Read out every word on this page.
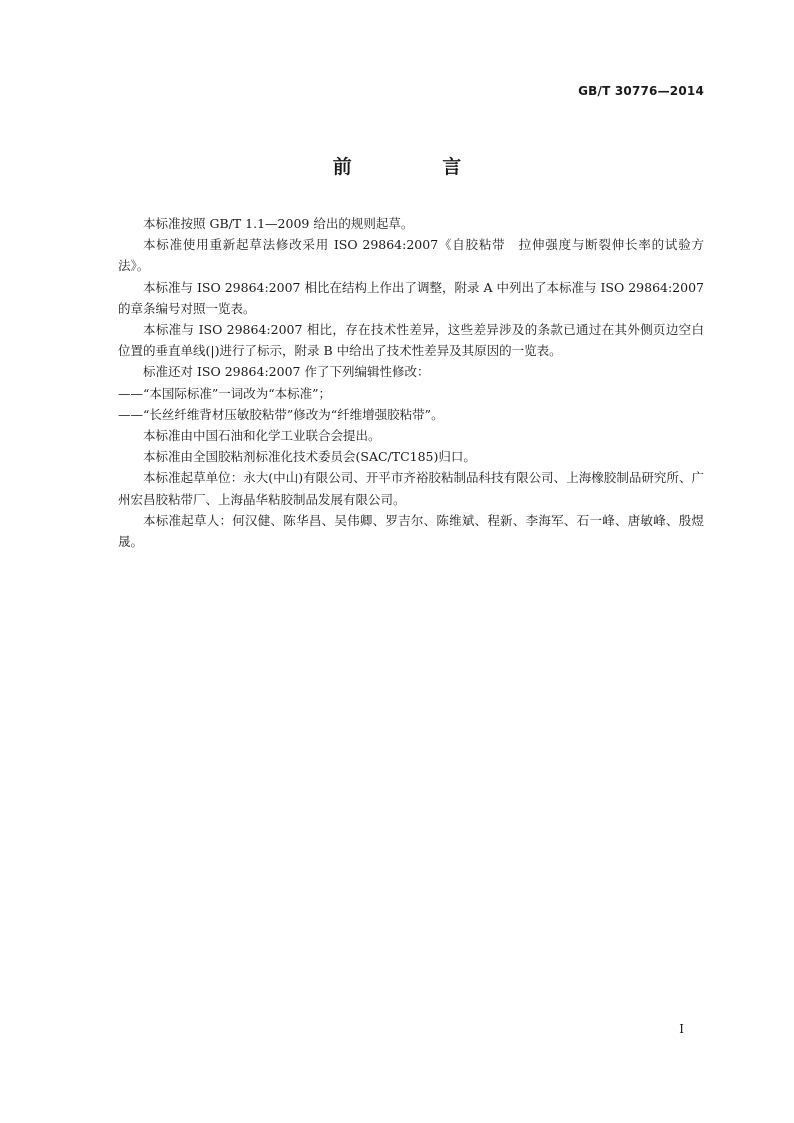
GB/T 30776—2014
前 言

本标准按照 GB/T 1.1—2009 给出的规则起草。

本标准使用重新起草法修改采用 ISO 29864:2007《自胶粘带　拉伸强度与断裂伸长率的试验方法》。

本标准与 ISO 29864:2007 相比在结构上作出了调整，附录 A 中列出了本标准与 ISO 29864:2007 的章条编号对照一览表。

本标准与 ISO 29864:2007 相比，存在技术性差异，这些差异涉及的条款已通过在其外侧页边空白位置的垂直单线(|)进行了标示，附录 B 中给出了技术性差异及其原因的一览表。

标准还对 ISO 29864:2007 作了下列编辑性修改：

——“本国际标准”一词改为“本标准”；

——“长丝纤维背材压敏胶粘带”修改为“纤维增强胶粘带”。

本标准由中国石油和化学工业联合会提出。

本标准由全国胶粘剂标准化技术委员会(SAC/TC185)归口。

本标准起草单位：永大(中山)有限公司、开平市齐裕胶粘制品科技有限公司、上海橡胶制品研究所、广州宏昌胶粘带厂、上海晶华粘胶制品发展有限公司。

本标准起草人：何汉健、陈华昌、吴伟卿、罗吉尔、陈维斌、程新、李海军、石一峰、唐敏峰、殷煜晟。

I
